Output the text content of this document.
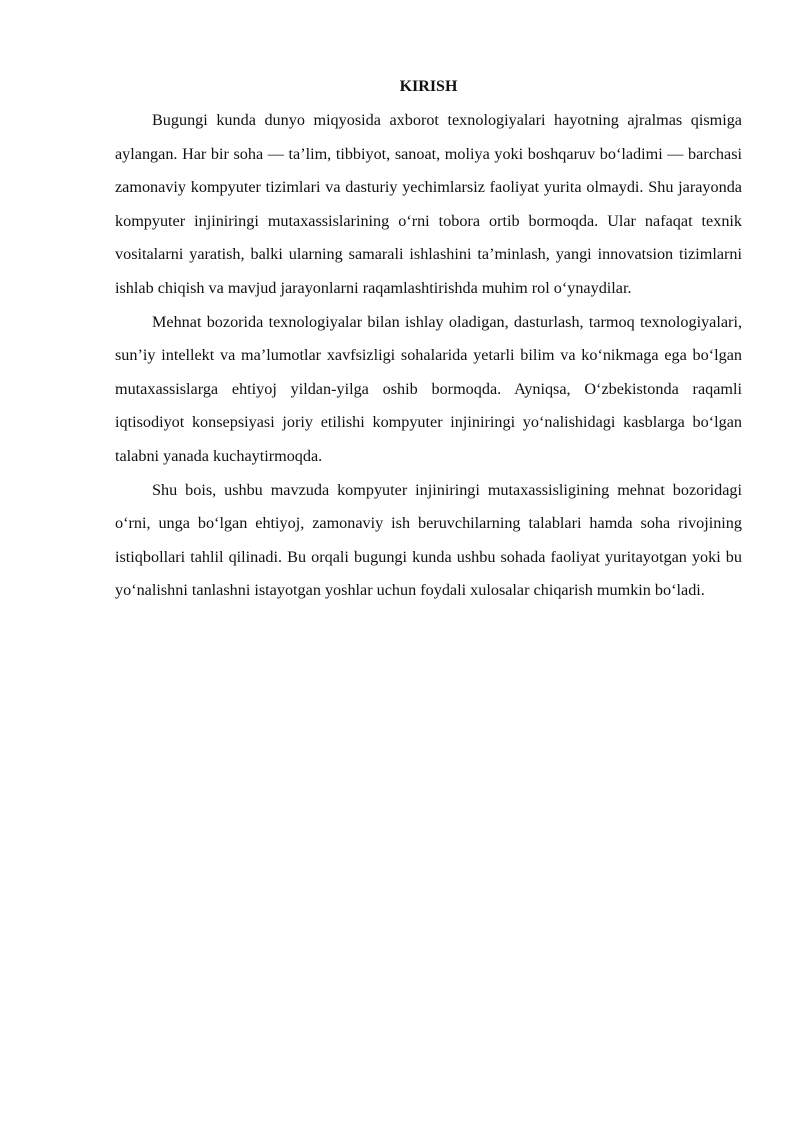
KIRISH

Bugungi kunda dunyo miqyosida axborot texnologiyalari hayotning ajralmas qismiga aylangan. Har bir soha — ta’lim, tibbiyot, sanoat, moliya yoki boshqaruv bo‘ladimi — barchasi zamonaviy kompyuter tizimlari va dasturiy yechimlarsiz faoliyat yurita olmaydi. Shu jarayonda kompyuter injiniringi mutaxassislarining o‘rni tobora ortib bormoqda. Ular nafaqat texnik vositalarni yaratish, balki ularning samarali ishlashini ta’minlash, yangi innovatsion tizimlarni ishlab chiqish va mavjud jarayonlarni raqamlashtirishda muhim rol o‘ynaydilar.

Mehnat bozorida texnologiyalar bilan ishlay oladigan, dasturlash, tarmoq texnologiyalari, sun’iy intellekt va ma’lumotlar xavfsizligi sohalarida yetarli bilim va ko‘nikmaga ega bo‘lgan mutaxassislarga ehtiyoj yildan-yilga oshib bormoqda. Ayniqsa, O‘zbekistonda raqamli iqtisodiyot konsepsiyasi joriy etilishi kompyuter injiniringi yo‘nalishidagi kasblarga bo‘lgan talabni yanada kuchaytirmoqda.

Shu bois, ushbu mavzuda kompyuter injiniringi mutaxassisligining mehnat bozoridagi o‘rni, unga bo‘lgan ehtiyoj, zamonaviy ish beruvchilarning talablari hamda soha rivojining istiqbollari tahlil qilinadi. Bu orqali bugungi kunda ushbu sohada faoliyat yuritayotgan yoki bu yo‘nalishni tanlashni istayotgan yoshlar uchun foydali xulosalar chiqarish mumkin bo‘ladi.
